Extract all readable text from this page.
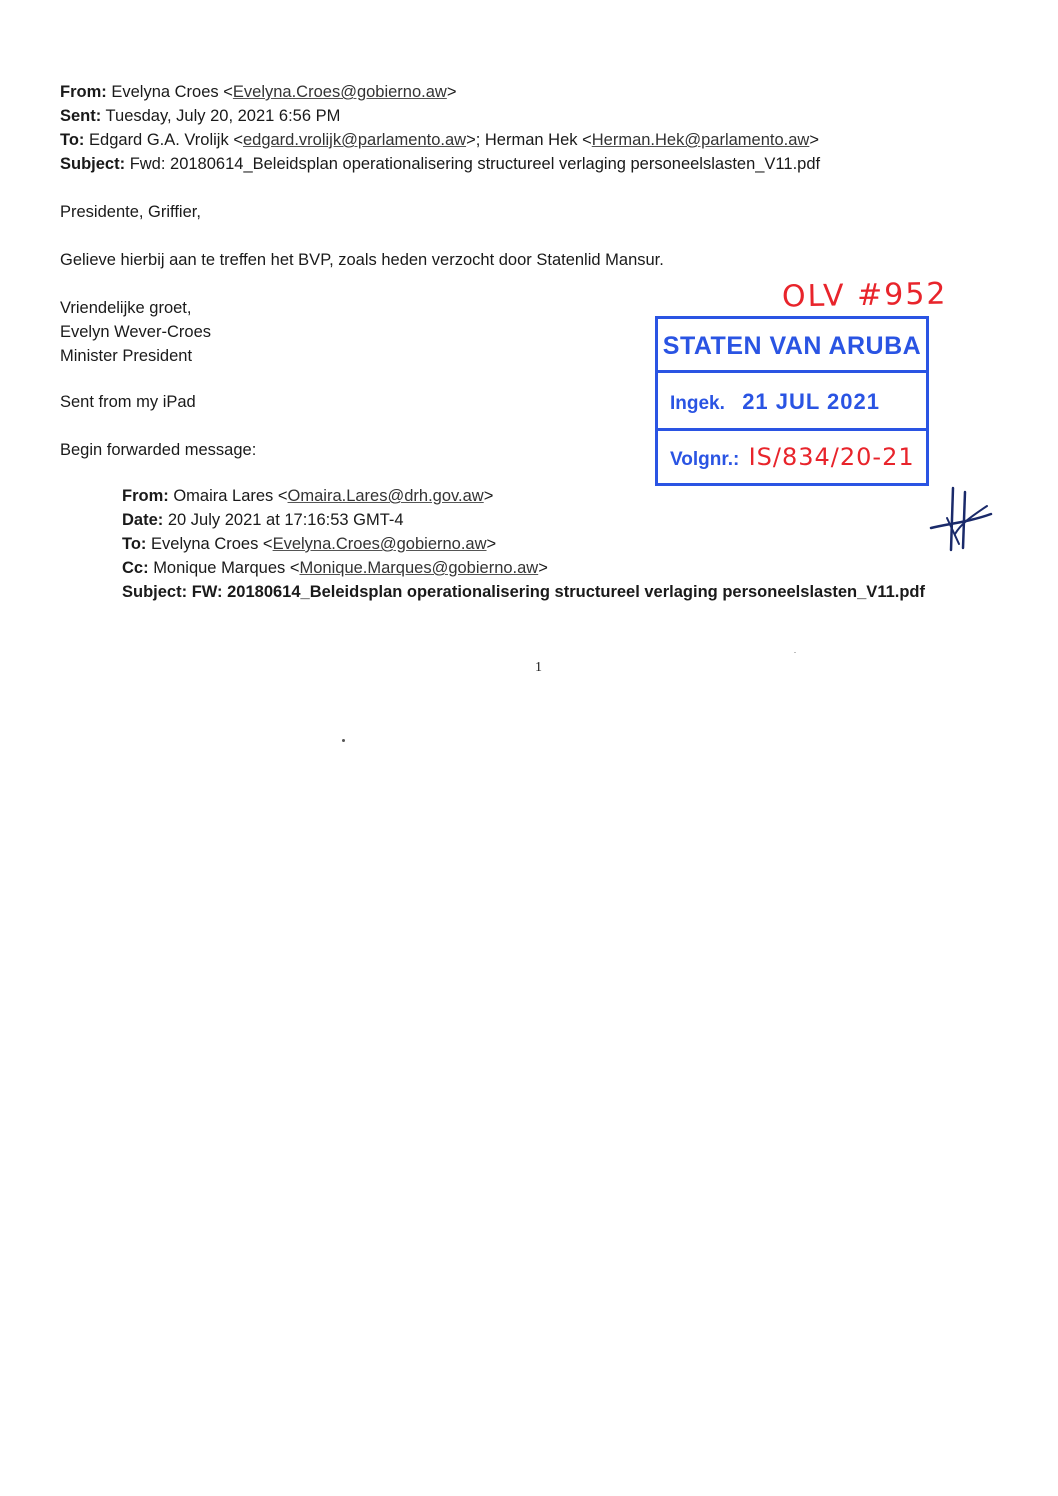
From: Evelyna Croes <Evelyna.Croes@gobierno.aw>
Sent: Tuesday, July 20, 2021 6:56 PM
To: Edgard G.A. Vrolijk <edgard.vrolijk@parlamento.aw>; Herman Hek <Herman.Hek@parlamento.aw>
Subject: Fwd: 20180614_Beleidsplan operationalisering structureel verlaging personeelslasten_V11.pdf
Presidente, Griffier,
Gelieve hierbij aan te treffen het BVP, zoals heden verzocht door Statenlid Mansur.
Vriendelijke groet,
Evelyn Wever-Croes
Minister President
Sent from my iPad
Begin forwarded message:
From: Omaira Lares <Omaira.Lares@drh.gov.aw>
Date: 20 July 2021 at 17:16:53 GMT-4
To: Evelyna Croes <Evelyna.Croes@gobierno.aw>
Cc: Monique Marques <Monique.Marques@gobierno.aw>
Subject: FW: 20180614_Beleidsplan operationalisering structureel verlaging personeelslasten_V11.pdf
OLV #952
STATEN VAN ARUBA
Ingek. 21 JUL 2021
Volgnr.: IS/834/20-21
1
